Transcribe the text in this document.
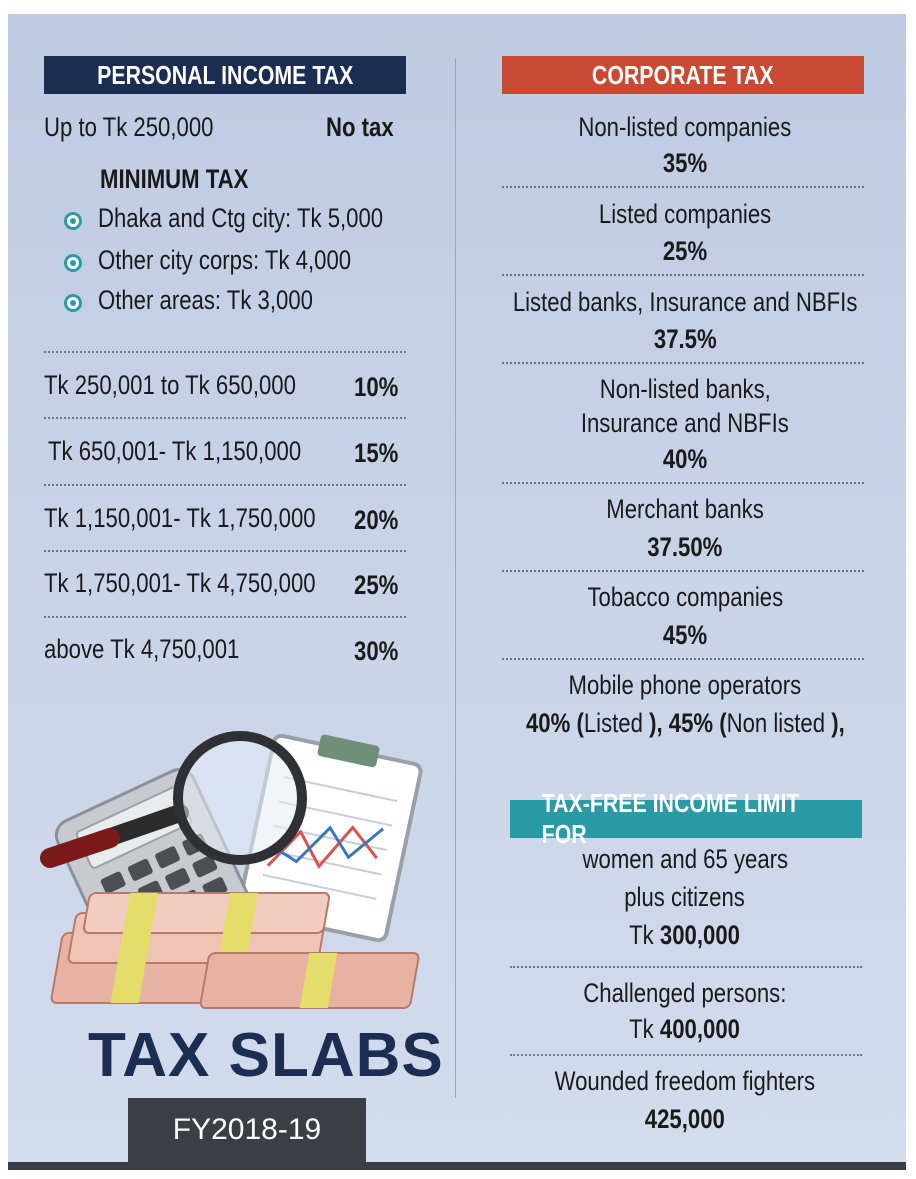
PERSONAL INCOME TAX
Up to Tk 250,000	No tax
MINIMUM TAX
Dhaka and Ctg city: Tk 5,000
Other city corps: Tk 4,000
Other areas: Tk 3,000
Tk 250,001 to Tk 650,000	10%
Tk 650,001- Tk 1,150,000	15%
Tk 1,150,001- Tk 1,750,000	20%
Tk 1,750,001- Tk 4,750,000	25%
above Tk 4,750,001	30%
TAX SLABS
FY2018-19
CORPORATE TAX
Non-listed companies
35%
Listed companies
25%
Listed banks, Insurance and NBFIs
37.5%
Non-listed banks,
Insurance and NBFIs
40%
Merchant banks
37.50%
Tobacco companies
45%
Mobile phone operators
40% (Listed ), 45% (Non listed ),
TAX-FREE INCOME LIMIT FOR
women and 65 years
plus citizens
Tk 300,000
Challenged persons:
Tk 400,000
Wounded freedom fighters
425,000
